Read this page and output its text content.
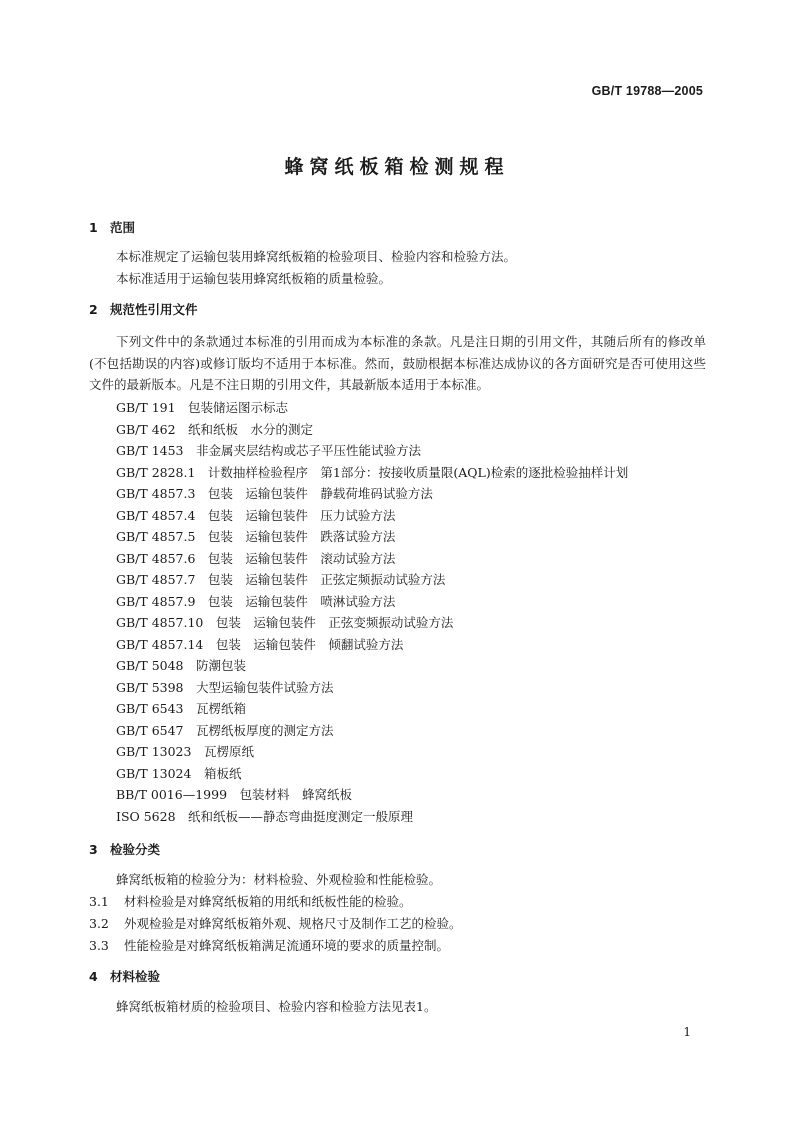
GB/T 19788—2005
蜂窝纸板箱检测规程
1 范围
本标准规定了运输包装用蜂窝纸板箱的检验项目、检验内容和检验方法。
本标准适用于运输包装用蜂窝纸板箱的质量检验。
2 规范性引用文件
下列文件中的条款通过本标准的引用而成为本标准的条款。凡是注日期的引用文件，其随后所有的修改单(不包括勘误的内容)或修订版均不适用于本标准。然而，鼓励根据本标准达成协议的各方面研究是否可使用这些文件的最新版本。凡是不注日期的引用文件，其最新版本适用于本标准。
GB/T 191　包装储运图示标志
GB/T 462　纸和纸板　水分的测定
GB/T 1453　非金属夹层结构或芯子平压性能试验方法
GB/T 2828.1　计数抽样检验程序　第1部分：按接收质量限(AQL)检索的逐批检验抽样计划
GB/T 4857.3　包装　运输包装件　静载荷堆码试验方法
GB/T 4857.4　包装　运输包装件　压力试验方法
GB/T 4857.5　包装　运输包装件　跌落试验方法
GB/T 4857.6　包装　运输包装件　滚动试验方法
GB/T 4857.7　包装　运输包装件　正弦定频振动试验方法
GB/T 4857.9　包装　运输包装件　喷淋试验方法
GB/T 4857.10　包装　运输包装件　正弦变频振动试验方法
GB/T 4857.14　包装　运输包装件　倾翻试验方法
GB/T 5048　防潮包装
GB/T 5398　大型运输包装件试验方法
GB/T 6543　瓦楞纸箱
GB/T 6547　瓦楞纸板厚度的测定方法
GB/T 13023　瓦楞原纸
GB/T 13024　箱板纸
BB/T 0016—1999　包装材料　蜂窝纸板
ISO 5628　纸和纸板——静态弯曲挺度测定一般原理
3 检验分类
蜂窝纸板箱的检验分为：材料检验、外观检验和性能检验。
3.1 材料检验是对蜂窝纸板箱的用纸和纸板性能的检验。
3.2 外观检验是对蜂窝纸板箱外观、规格尺寸及制作工艺的检验。
3.3 性能检验是对蜂窝纸板箱满足流通环境的要求的质量控制。
4 材料检验
蜂窝纸板箱材质的检验项目、检验内容和检验方法见表1。
1
